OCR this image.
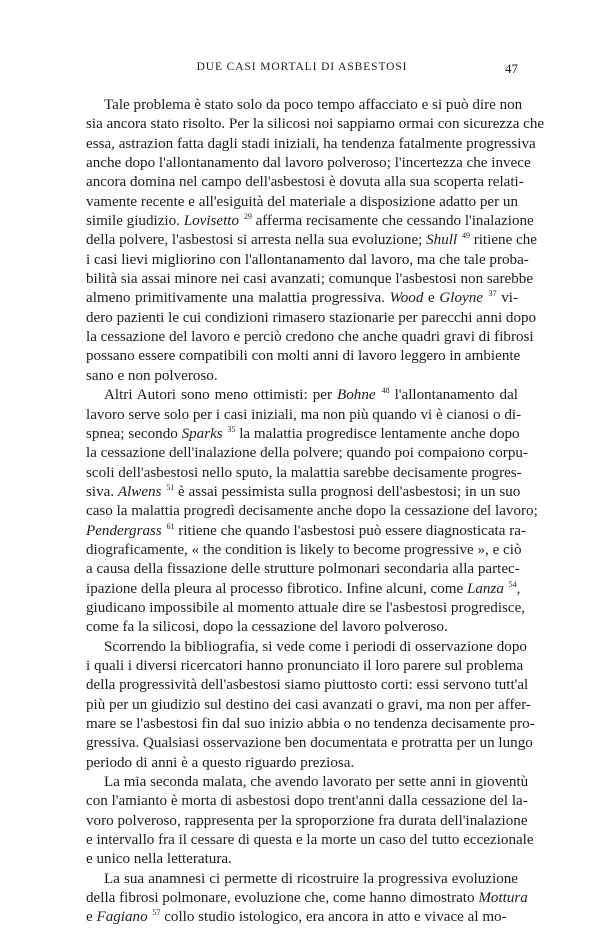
DUE CASI MORTALI DI ASBESTOSI	47
Tale problema è stato solo da poco tempo affacciato e si può dire non
sia ancora stato risolto. Per la silicosi noi sappiamo ormai con sicurezza che
essa, astrazion fatta dagli stadi iniziali, ha tendenza fatalmente progressiva
anche dopo l'allontanamento dal lavoro polveroso; l'incertezza che invece
ancora domina nel campo dell'asbestosi è dovuta alla sua scoperta relati-
vamente recente e all'esiguità del materiale a disposizione adatto per un
simile giudizio. Lovisetto $^{29}$ afferma recisamente che cessando l'inalazione
della polvere, l'asbestosi si arresta nella sua evoluzione; Shull $^{49}$ ritiene che
i casi lievi migliorino con l'allontanamento dal lavoro, ma che tale proba-
bilità sia assai minore nei casi avanzati; comunque l'asbestosi non sarebbe
almeno primitivamente una malattia progressiva. Wood e Gloyne $^{37}$ vi-
dero pazienti le cui condizioni rimasero stazionarie per parecchi anni dopo
la cessazione del lavoro e perciò credono che anche quadri gravi di fibrosi
possano essere compatibili con molti anni di lavoro leggero in ambiente
sano e non polveroso.
Altri Autori sono meno ottimisti: per Bohne $^{48}$ l'allontanamento dal
lavoro serve solo per i casi iniziali, ma non più quando vi è cianosi o di-
spnea; secondo Sparks $^{35}$ la malattia progredisce lentamente anche dopo
la cessazione dell'inalazione della polvere; quando poi compaiono corpu-
scoli dell'asbestosi nello sputo, la malattia sarebbe decisamente progres-
siva. Alwens $^{51}$ è assai pessimista sulla prognosi dell'asbestosi; in un suo
caso la malattia progredì decisamente anche dopo la cessazione del lavoro;
Pendergrass $^{61}$ ritiene che quando l'asbestosi può essere diagnosticata ra-
diograficamente, « the condition is likely to become progressive », e ciò
a causa della fissazione delle strutture polmonari secondaria alla partec-
ipazione della pleura al processo fibrotico. Infine alcuni, come Lanza $^{54}$,
giudicano impossibile al momento attuale dire se l'asbestosi progredisce,
come fa la silicosi, dopo la cessazione del lavoro polveroso.
Scorrendo la bibliografia, si vede come i periodi di osservazione dopo
i quali i diversi ricercatori hanno pronunciato il loro parere sul problema
della progressività dell'asbestosi siamo piuttosto corti: essi servono tutt'al
più per un giudizio sul destino dei casi avanzati o gravi, ma non per affer-
mare se l'asbestosi fin dal suo inizio abbia o no tendenza decisamente pro-
gressiva. Qualsiasi osservazione ben documentata e protratta per un lungo
periodo di anni è a questo riguardo preziosa.
La mia seconda malata, che avendo lavorato per sette anni in gioventù
con l'amianto è morta di asbestosi dopo trent'anni dalla cessazione del la-
voro polveroso, rappresenta per la sproporzione fra durata dell'inalazione
e intervallo fra il cessare di questa e la morte un caso del tutto eccezionale
e unico nella letteratura.
La sua anamnesi ci permette di ricostruire la progressiva evoluzione
della fibrosi polmonare, evoluzione che, come hanno dimostrato Mottura
e Fagiano $^{57}$ collo studio istologico, era ancora in atto e vivace al mo-
